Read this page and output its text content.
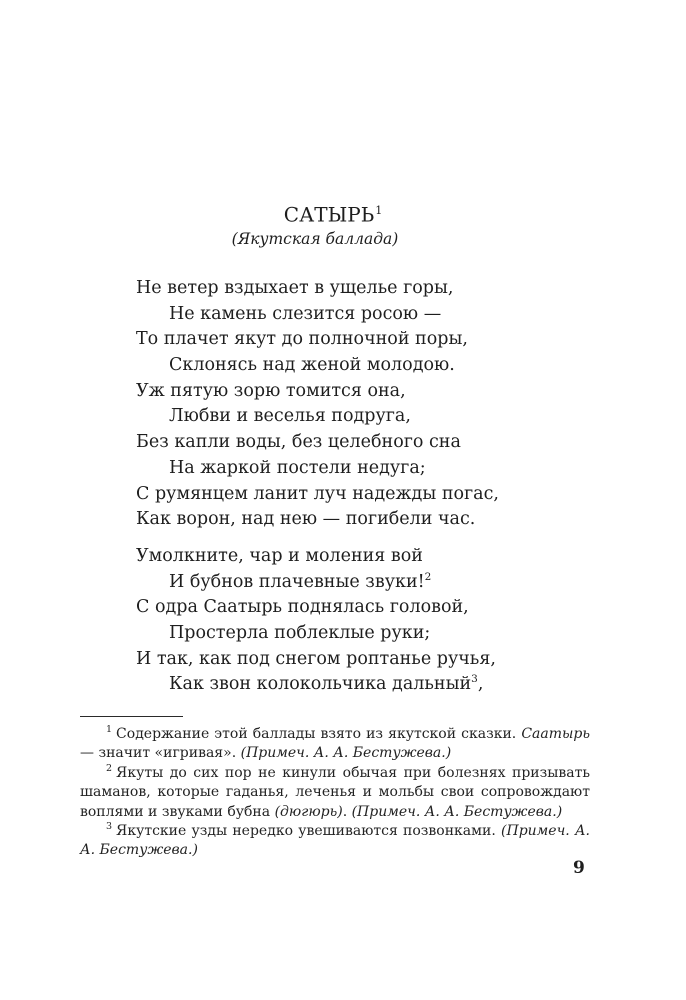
САТЫРЬ$^1$
(Якутская баллада)
Не ветер вздыхает в ущелье горы,
Не камень слезится росою —
То плачет якут до полночной поры,
Склонясь над женой молодою.
Уж пятую зорю томится она,
Любви и веселья подруга,
Без капли воды, без целебного сна
На жаркой постели недуга;
С румянцем ланит луч надежды погас,
Как ворон, над нею — погибели час.
Умолкните, чар и моления вой
И бубнов плачевные звуки!$^2$
С одра Саатырь поднялась головой,
Простерла поблеклые руки;
И так, как под снегом роптанье ручья,
Как звон колокольчика дальный$^3$,

$^1$ Содержание этой баллады взято из якутской сказки. Саатырь — значит «игривая». (Примеч. А. А. Бестужева.)

$^2$ Якуты до сих пор не кинули обычая при болезнях призывать шаманов, которые гаданья, леченья и мольбы свои сопровождают воплями и звуками бубна (дюгюрь). (Примеч. А. А. Бестужева.)

$^3$ Якутские узды нередко увешиваются позвонками. (Примеч. А. А. Бестужева.)

9
